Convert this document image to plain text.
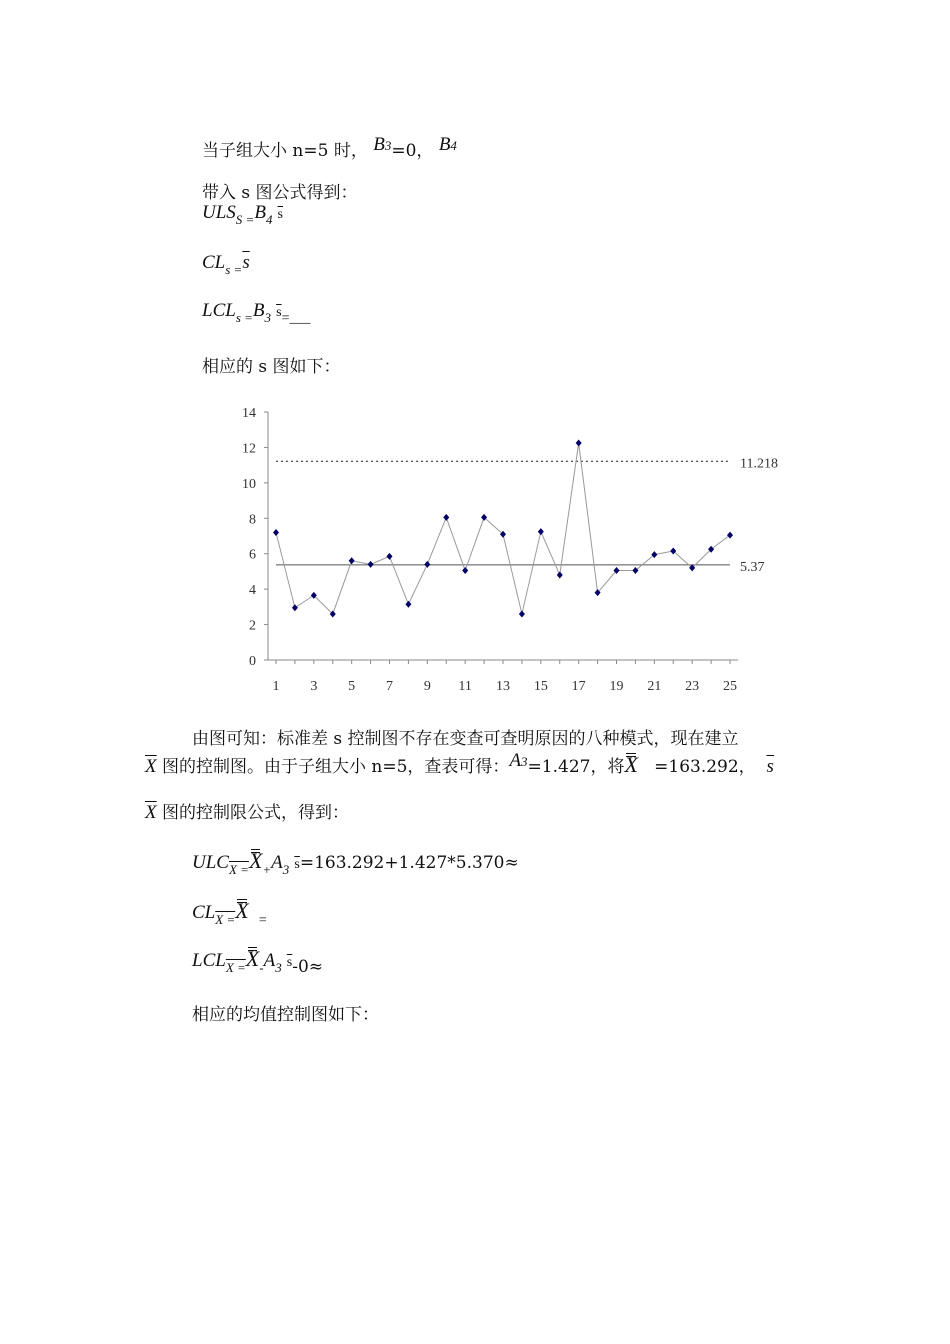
当子组大小 n=5 时， $B^3=0$， $B^4$
带入 s 图公式得到：
$ULS_{S =}B_4$ $\overline{s}$
$CL_{s =}\overline{s}$
$LCL_{s =}B_3$ $\overline{s}=\_\_\_$
相应的 s 图如下：
0
2
4
6
8
10
12
14
1 3 5 7 9 11 13 15 17 19 21 23 25
11.218
5.37
由图可知：标准差 s 控制图不存在变查可查明原因的八种模式，现在建立
$\overline{X}$ 图的控制图。由于子组大小 n=5，查表可得：$A^3=1.427$，将X =163.292， $\overline{s}$
$\overline{X}$ 图的控制限公式，得到：
$ULC_{X =}X_+A_3$ $\overline{s}=163.292+1.427*5.370\approx$
$CL_{X =}X$ =
$LCL_{X =}X_-A_3$ $\overline{s}-0\approx$
相应的均值控制图如下：
